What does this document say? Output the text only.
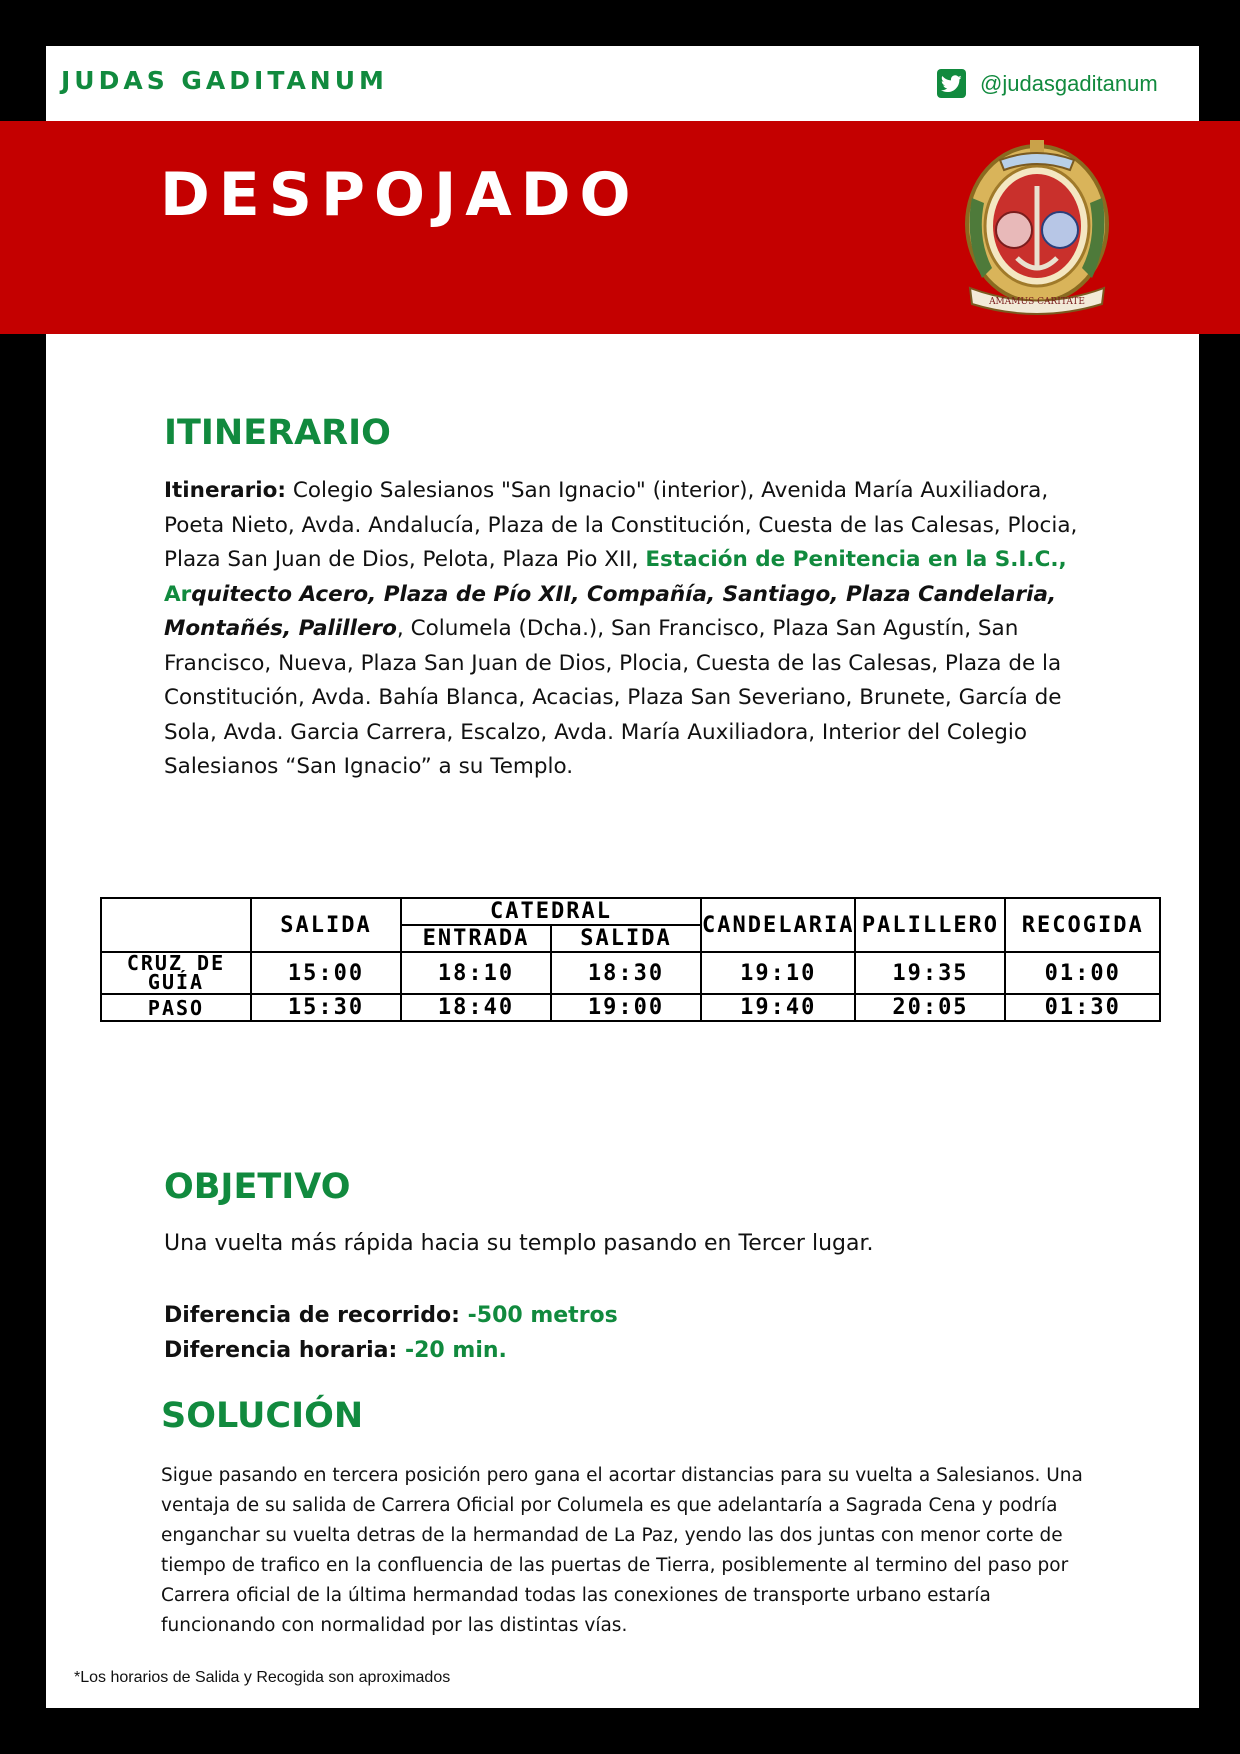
JUDAS GADITANUM	@judasgaditanum
DESPOJADO
AMAMUS CARITATE
ITINERARIO
Itinerario: Colegio Salesianos "San Ignacio" (interior), Avenida María Auxiliadora, Poeta Nieto, Avda. Andalucía, Plaza de la Constitución, Cuesta de las Calesas, Plocia, Plaza San Juan de Dios, Pelota, Plaza Pio XII, Estación de Penitencia en la S.I.C., Arquitecto Acero, Plaza de Pío XII, Compañía, Santiago, Plaza Candelaria, Montañés, Palillero, Columela (Dcha.), San Francisco, Plaza San Agustín, San Francisco, Nueva, Plaza San Juan de Dios, Plocia, Cuesta de las Calesas, Plaza de la Constitución, Avda. Bahía Blanca, Acacias, Plaza San Severiano, Brunete, García de Sola, Avda. Garcia Carrera, Escalzo, Avda. María Auxiliadora, Interior del Colegio Salesianos “San Ignacio” a su Templo.
	SALIDA	CATEDRAL		CANDELARIA	PALILLERO	RECOGIDA
		ENTRADA	SALIDA			
CRUZ DE GUÍA	15:00	18:10	18:30	19:10	19:35	01:00
PASO	15:30	18:40	19:00	19:40	20:05	01:30
OBJETIVO
Una vuelta más rápida hacia su templo pasando en Tercer lugar.
Diferencia de recorrido: -500 metros
Diferencia horaria: -20 min.
SOLUCIÓN
Sigue pasando en tercera posición pero gana el acortar distancias para su vuelta a Salesianos. Una ventaja de su salida de Carrera Oficial por Columela es que adelantaría a Sagrada Cena y podría enganchar su vuelta detras de la hermandad de La Paz, yendo las dos juntas con menor corte de tiempo de trafico en la confluencia de las puertas de Tierra, posiblemente al termino del paso por Carrera oficial de la última hermandad todas las conexiones de transporte urbano estaría funcionando con normalidad por las distintas vías.
*Los horarios de Salida y Recogida son aproximados
